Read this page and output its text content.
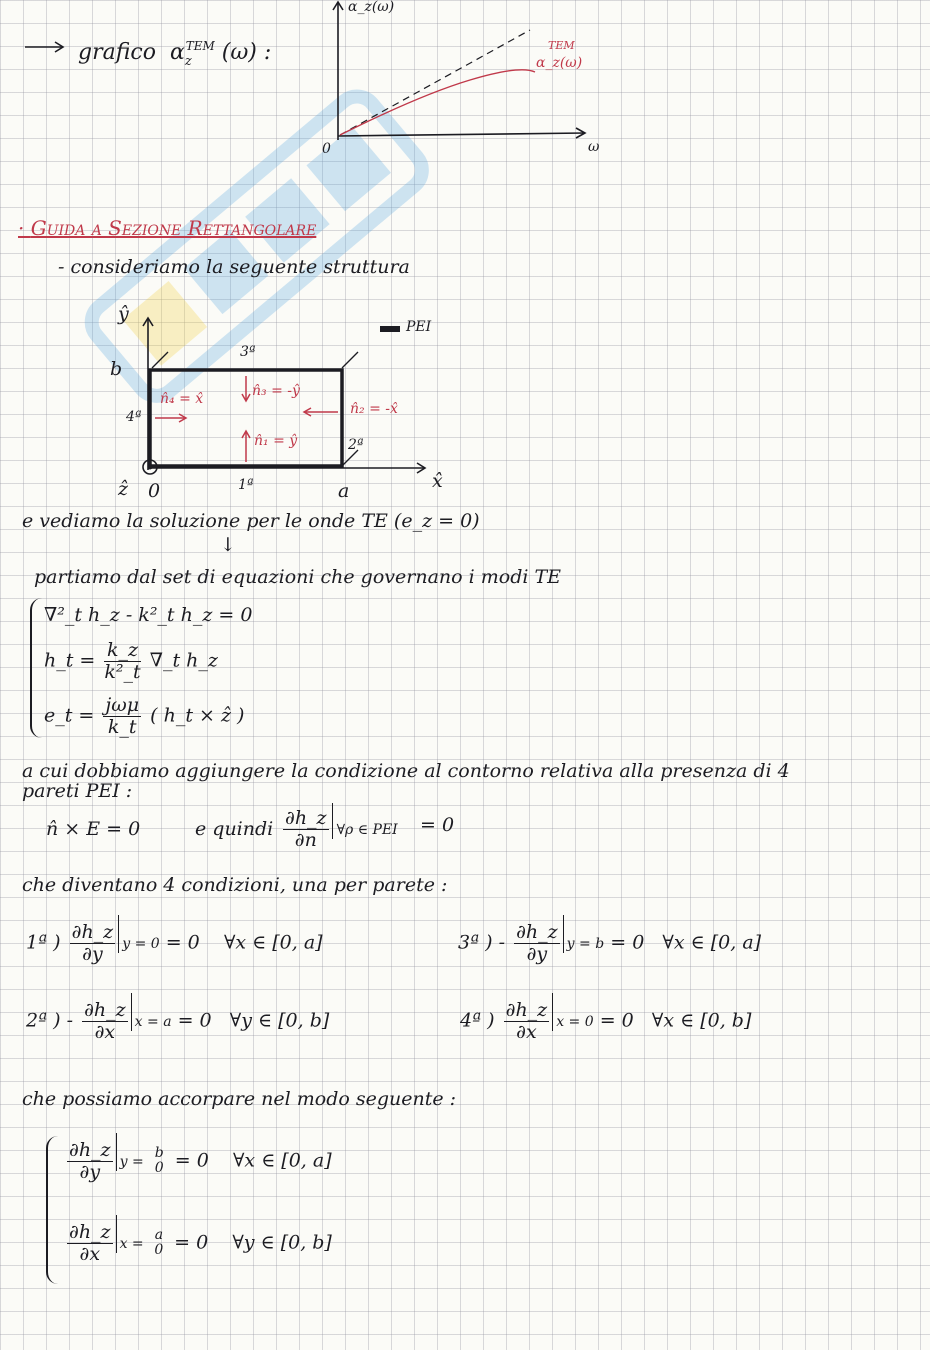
grafico $\alpha_z^{TEM}$ (ω) :
α_z(ω)
ω
0
TEM
α_z(ω)
· Guida a Sezione Rettangolare
- consideriamo la seguente struttura
ŷ
x̂
ẑ 0
b
a
PEI
1ª
2ª
3ª
4ª
n̂₄ = x̂	n̂₃ = -ŷ
n̂₂ = -x̂
n̂₁ = ŷ
e vediamo la soluzione per le onde TE (e_z = 0)
↓
partiamo dal set di equazioni che governano i modi TE
∇²_t h_z - k²_t h_z = 0
h_t = $\frac{k\_z}{\text{k²\_t}}$ ∇_t h_z
e_t = $\frac{\text{jωμ}}{k\_t}$ ( h_t × ẑ )
a cui dobbiamo aggiungere la condizione al contorno relativa alla presenza di 4
pareti PEI :
n̂ × E = 0	e quindi $\frac{\partial h\_z}{\partial n}$ ∀ρ ∈ PEI = 0
che diventano 4 condizioni, una per parete :
1ª ) $\frac{\partial h\_z}{\partial y}$ y = 0 = 0 ∀x ∈ [0, a]	3ª ) - $\frac{\partial h\_z}{\partial y}$ y = b = 0 ∀x ∈ [0, a]
2ª ) - $\frac{\partial h\_z}{\partial x}$ x = a = 0 ∀y ∈ [0, b]	4ª ) $\frac{\partial h\_z}{\partial x}$ x = 0 = 0 ∀x ∈ [0, b]
che possiamo accorpare nel modo seguente :
$\frac{\partial h\_z}{\partial y}$ y =
b
0 = 0 ∀x ∈ [0, a]
$\frac{\partial h\_z}{\partial x}$ x =
a
0 = 0 ∀y ∈ [0, b]
